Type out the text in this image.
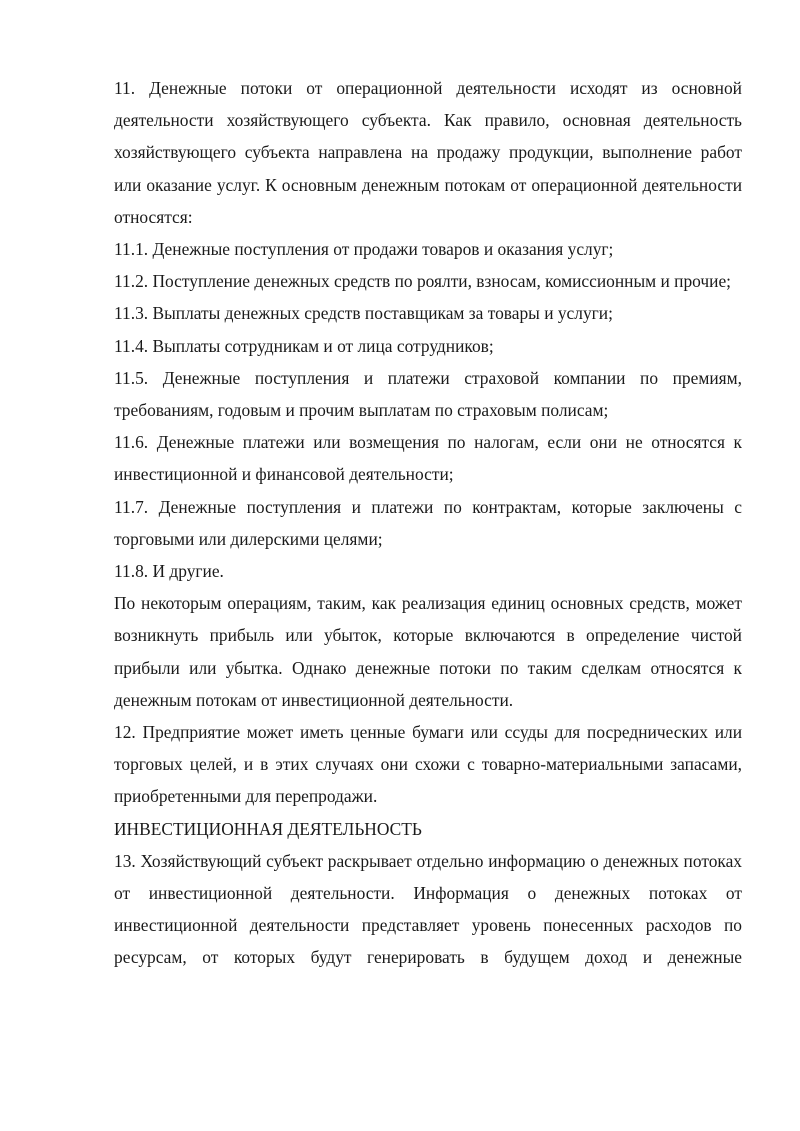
11. Денежные потоки от операционной деятельности исходят из основной деятельности хозяйствующего субъекта. Как правило, основная деятельность хозяйствующего субъекта направлена на продажу продукции, выполнение работ или оказание услуг. К основным денежным потокам от операционной деятельности относятся:

11.1. Денежные поступления от продажи товаров и оказания услуг;

11.2. Поступление денежных средств по роялти, взносам, комиссионным и прочие;

11.3. Выплаты денежных средств поставщикам за товары и услуги;

11.4. Выплаты сотрудникам и от лица сотрудников;

11.5. Денежные поступления и платежи страховой компании по премиям, требованиям, годовым и прочим выплатам по страховым полисам;

11.6. Денежные платежи или возмещения по налогам, если они не относятся к инвестиционной и финансовой деятельности;

11.7. Денежные поступления и платежи по контрактам, которые заключены с торговыми или дилерскими целями;

11.8. И другие.

По некоторым операциям, таким, как реализация единиц основных средств, может возникнуть прибыль или убыток, которые включаются в определение чистой прибыли или убытка. Однако денежные потоки по таким сделкам относятся к денежным потокам от инвестиционной деятельности.

12. Предприятие может иметь ценные бумаги или ссуды для посреднических или торговых целей, и в этих случаях они схожи с товарно-материальными запасами, приобретенными для перепродажи.

ИНВЕСТИЦИОННАЯ ДЕЯТЕЛЬНОСТЬ

13. Хозяйствующий субъект раскрывает отдельно информацию о денежных потоках от инвестиционной деятельности. Информация о денежных потоках от инвестиционной деятельности представляет уровень понесенных расходов по ресурсам, от которых будут генерировать в будущем доход и денежные
